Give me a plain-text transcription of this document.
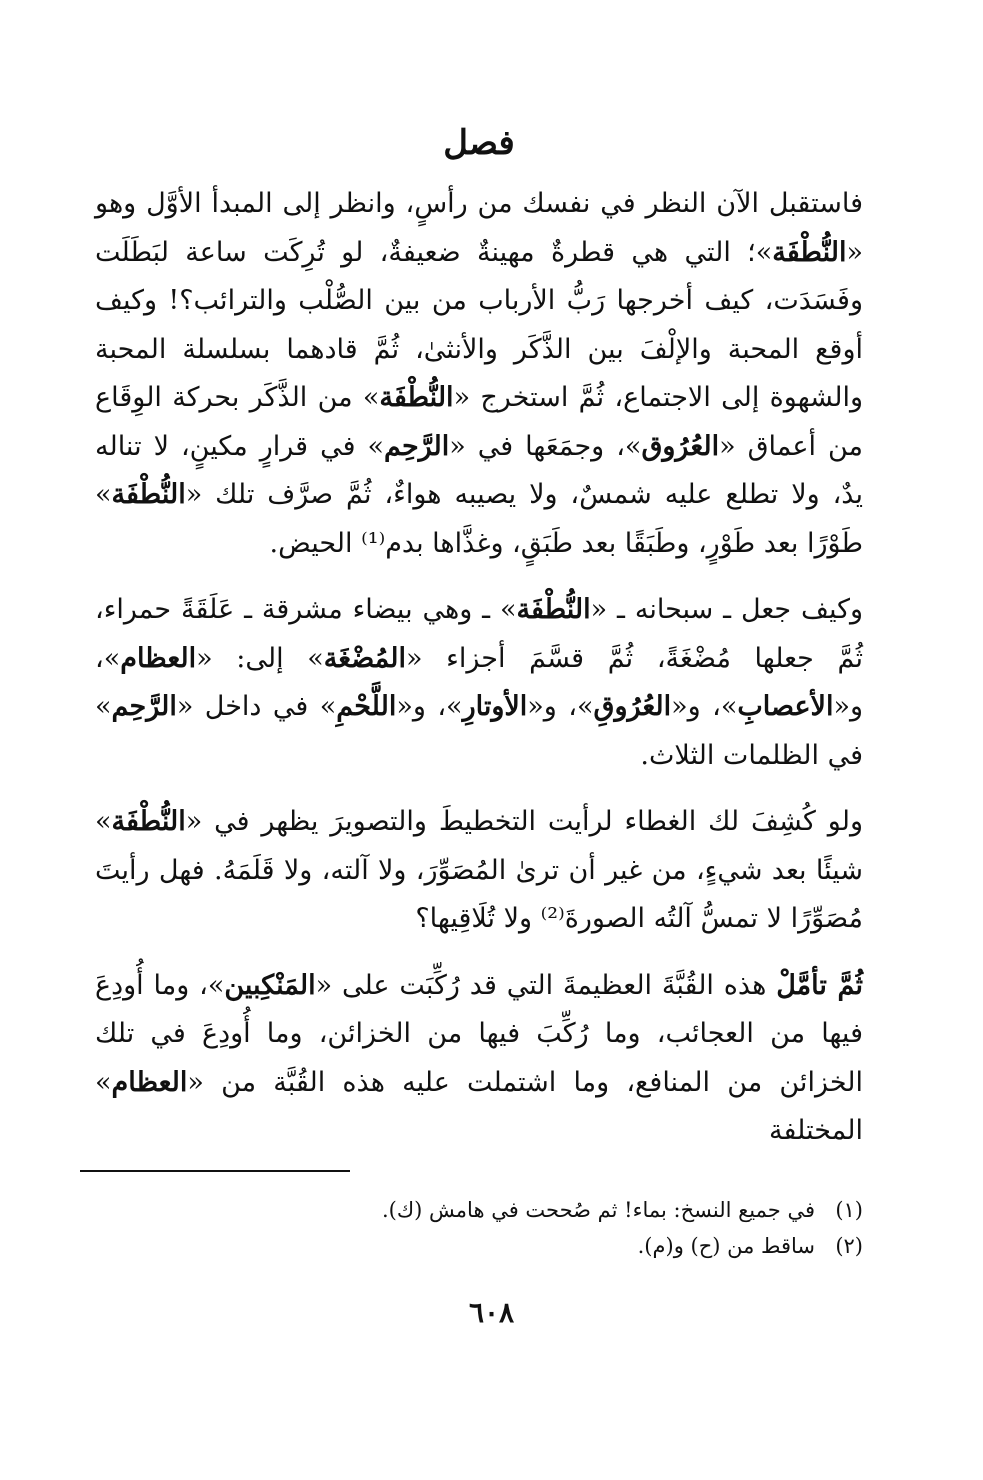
فصل

فاستقبل الآن النظر في نفسك من رأسٍ، وانظر إلى المبدأ الأوَّل وهو «النُّطْفَة»؛ التي هي قطرةٌ مهينةٌ ضعيفةٌ، لو تُرِكَت ساعة لبَطَلَت وفَسَدَت، كيف أخرجها رَبُّ الأرباب من بين الصُّلْب والترائب؟! وكيف أوقع المحبة والإلْفَ بين الذَّكَر والأنثىٰ، ثُمَّ قادهما بسلسلة المحبة والشهوة إلى الاجتماع، ثُمَّ استخرج «النُّطْفَة» من الذَّكَر بحركة الوِقَاع من أعماق «العُرُوق»، وجمَعَها في «الرَّحِم» في قرارٍ مكينٍ، لا تناله يدٌ، ولا تطلع عليه شمسٌ، ولا يصيبه هواءٌ، ثُمَّ صرَّف تلك «النُّطْفَة» طَوْرًا بعد طَوْرٍ، وطَبَقًا بعد طَبَقٍ، وغذَّاها بدم⁽¹⁾ الحيض.

وكيف جعل ـ سبحانه ـ «النُّطْفَة» ـ وهي بيضاء مشرقة ـ عَلَقَةً حمراء، ثُمَّ جعلها مُضْغَةً، ثُمَّ قسَّمَ أجزاء «المُضْغَة» إلى: «العظام»، و«الأعصابِ»، و«العُرُوقِ»، و«الأوتارِ»، و«اللَّحْمِ» في داخل «الرَّحِم» في الظلمات الثلاث.

ولو كُشِفَ لك الغطاء لرأيت التخطيطَ والتصويرَ يظهر في «النُّطْفَة» شيئًا بعد شيءٍ، من غير أن ترىٰ المُصَوِّرَ، ولا آلته، ولا قَلَمَهُ. فهل رأيتَ مُصَوِّرًا لا تمسُّ آلتُه الصورةَ⁽²⁾ ولا تُلَاقِيها؟

ثُمَّ تأمَّلْ هذه القُبَّةَ العظيمةَ التي قد رُكِّبَت على «المَنْكِبين»، وما أُودِعَ فيها من العجائب، وما رُكِّبَ فيها من الخزائن، وما أُودِعَ في تلك الخزائن من المنافع، وما اشتملت عليه هذه القُبَّة من «العظام» المختلفة

(١)في جميع النسخ: بماء! ثم صُححت في هامش (ك).
(٢)ساقط من (ح) و(م).
٦٠٨
